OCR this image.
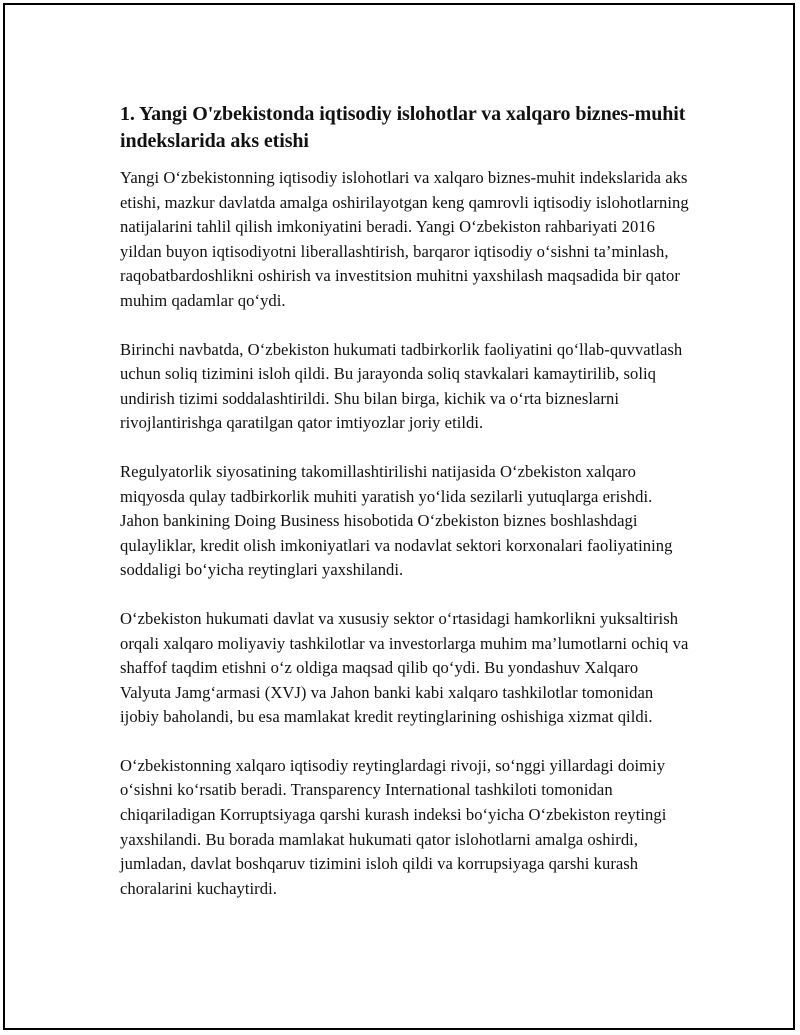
1. Yangi O'zbekistonda iqtisodiy islohotlar va xalqaro biznes-muhit indekslarida aks etishi

Yangi O‘zbekistonning iqtisodiy islohotlari va xalqaro biznes-muhit indekslarida aks etishi, mazkur davlatda amalga oshirilayotgan keng qamrovli iqtisodiy islohotlarning natijalarini tahlil qilish imkoniyatini beradi. Yangi O‘zbekiston rahbariyati 2016 yildan buyon iqtisodiyotni liberallashtirish, barqaror iqtisodiy o‘sishni ta’minlash, raqobatbardoshlikni oshirish va investitsion muhitni yaxshilash maqsadida bir qator muhim qadamlar qo‘ydi.

Birinchi navbatda, O‘zbekiston hukumati tadbirkorlik faoliyatini qo‘llab-quvvatlash uchun soliq tizimini isloh qildi. Bu jarayonda soliq stavkalari kamaytirilib, soliq undirish tizimi soddalashtirildi. Shu bilan birga, kichik va o‘rta bizneslarni rivojlantirishga qaratilgan qator imtiyozlar joriy etildi.

Regulyatorlik siyosatining takomillashtirilishi natijasida O‘zbekiston xalqaro miqyosda qulay tadbirkorlik muhiti yaratish yo‘lida sezilarli yutuqlarga erishdi. Jahon bankining Doing Business hisobotida O‘zbekiston biznes boshlashdagi qulayliklar, kredit olish imkoniyatlari va nodavlat sektori korxonalari faoliyatining soddaligi bo‘yicha reytinglari yaxshilandi.

O‘zbekiston hukumati davlat va xususiy sektor o‘rtasidagi hamkorlikni yuksaltirish orqali xalqaro moliyaviy tashkilotlar va investorlarga muhim ma’lumotlarni ochiq va shaffof taqdim etishni o‘z oldiga maqsad qilib qo‘ydi. Bu yondashuv Xalqaro Valyuta Jamg‘armasi (XVJ) va Jahon banki kabi xalqaro tashkilotlar tomonidan ijobiy baholandi, bu esa mamlakat kredit reytinglarining oshishiga xizmat qildi.

O‘zbekistonning xalqaro iqtisodiy reytinglardagi rivoji, so‘nggi yillardagi doimiy o‘sishni ko‘rsatib beradi. Transparency International tashkiloti tomonidan chiqariladigan Korruptsiyaga qarshi kurash indeksi bo‘yicha O‘zbekiston reytingi yaxshilandi. Bu borada mamlakat hukumati qator islohotlarni amalga oshirdi, jumladan, davlat boshqaruv tizimini isloh qildi va korrupsiyaga qarshi kurash choralarini kuchaytirdi.
